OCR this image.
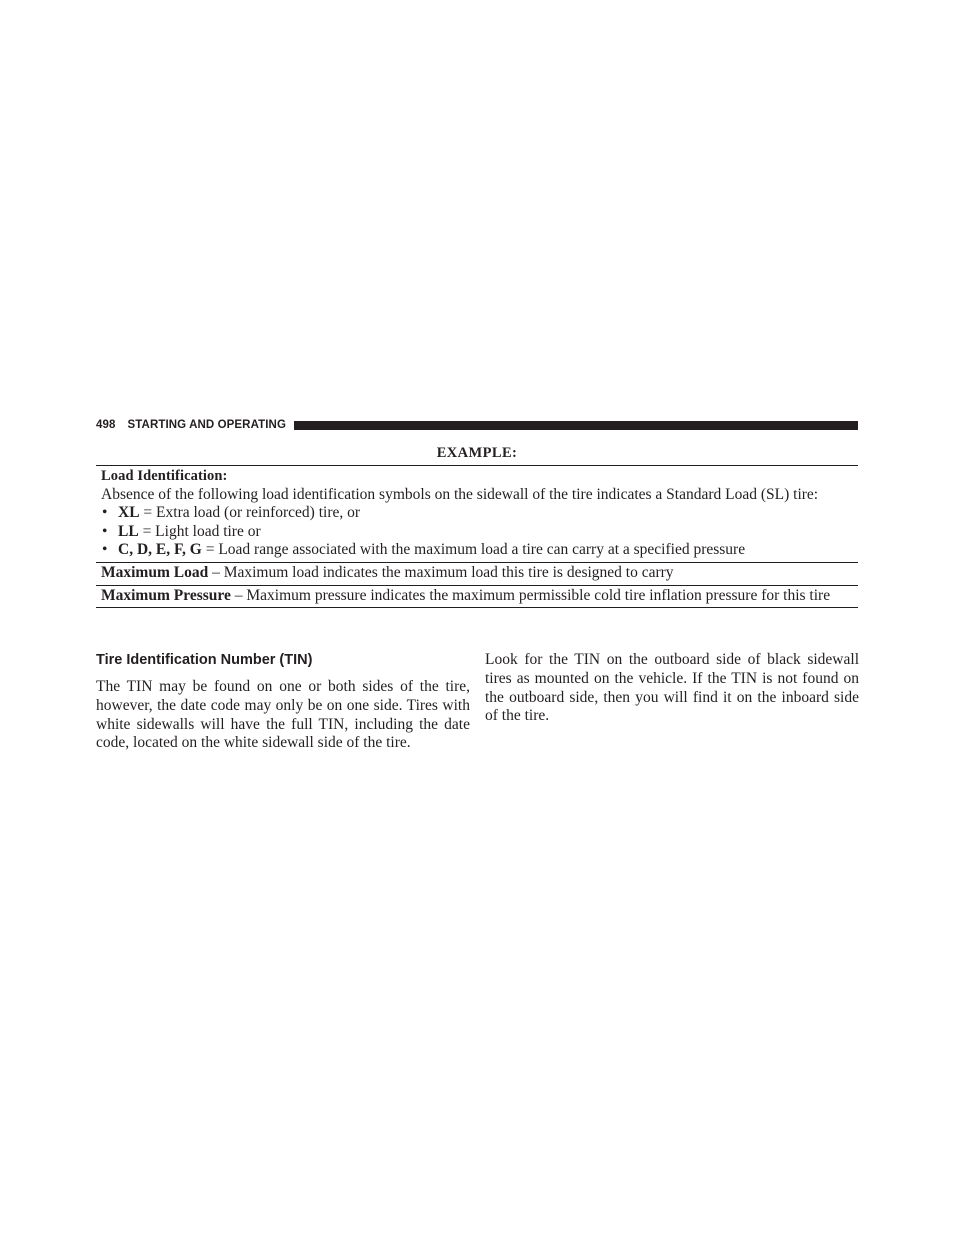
498 STARTING AND OPERATING
EXAMPLE:
Load Identification:
Absence of the following load identification symbols on the sidewall of the tire indicates a Standard Load (SL) tire:
• XL = Extra load (or reinforced) tire, or
• LL = Light load tire or
• C, D, E, F, G = Load range associated with the maximum load a tire can carry at a specified pressure
Maximum Load – Maximum load indicates the maximum load this tire is designed to carry
Maximum Pressure – Maximum pressure indicates the maximum permissible cold tire inflation pressure for this tire
Tire Identification Number (TIN)

The TIN may be found on one or both sides of the tire, however, the date code may only be on one side. Tires with white sidewalls will have the full TIN, including the date code, located on the white sidewall side of the tire.

Look for the TIN on the outboard side of black sidewall tires as mounted on the vehicle. If the TIN is not found on the outboard side, then you will find it on the inboard side of the tire.
